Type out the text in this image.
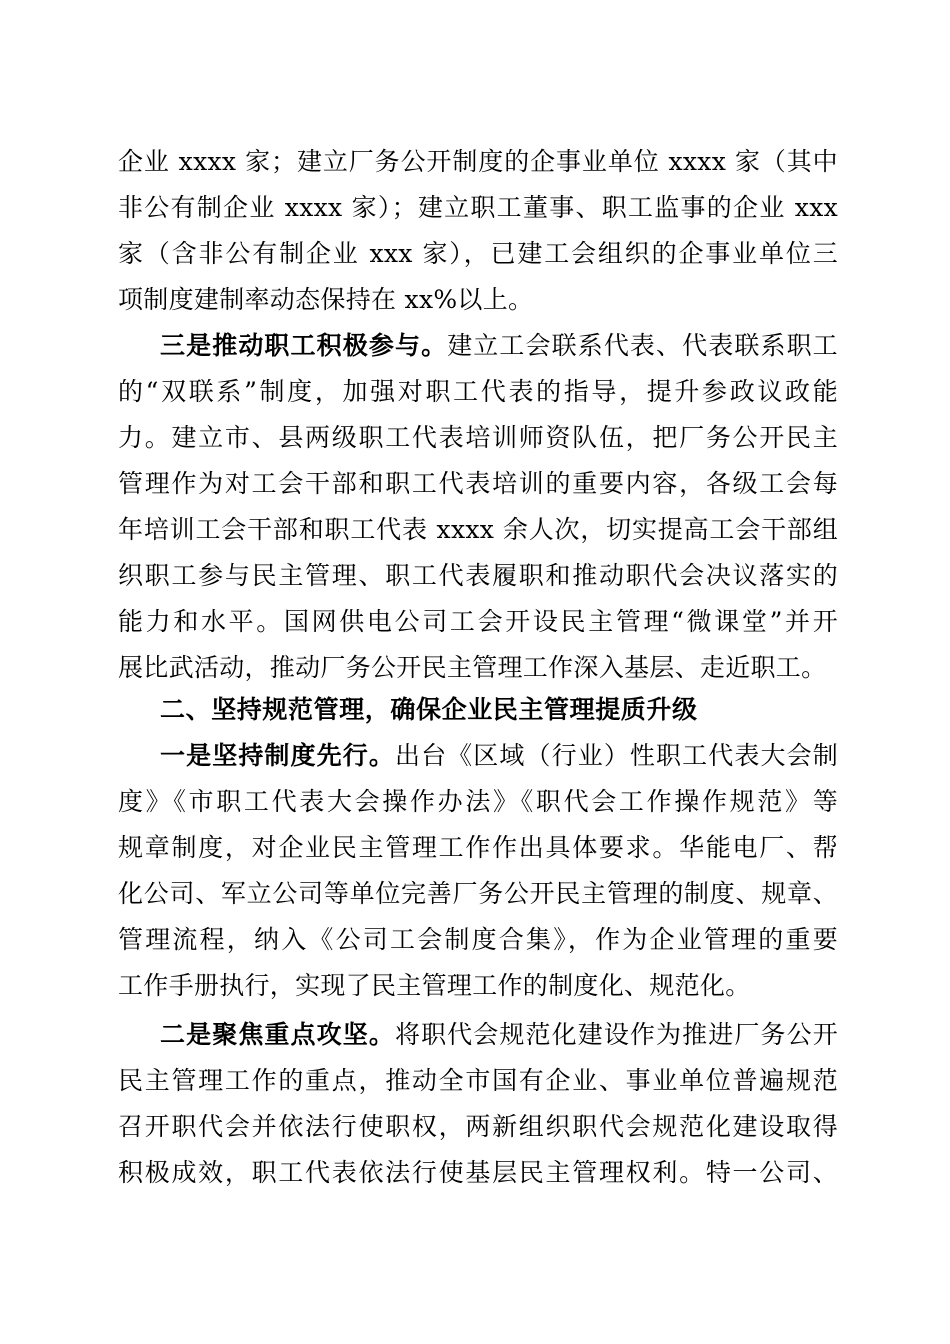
企业 xxxx 家；建立厂务公开制度的企事业单位 xxxx 家（其中
非公有制企业 xxxx 家）；建立职工董事、职工监事的企业 xxx
家（含非公有制企业 xxx 家），已建工会组织的企事业单位三
项制度建制率动态保持在 xx%以上。
三是推动职工积极参与。建立工会联系代表、代表联系职工
的“双联系”制度，加强对职工代表的指导，提升参政议政能
力。建立市、县两级职工代表培训师资队伍，把厂务公开民主
管理作为对工会干部和职工代表培训的重要内容，各级工会每
年培训工会干部和职工代表 xxxx 余人次，切实提高工会干部组
织职工参与民主管理、职工代表履职和推动职代会决议落实的
能力和水平。国网供电公司工会开设民主管理“微课堂”并开
展比武活动，推动厂务公开民主管理工作深入基层、走近职工。
二、坚持规范管理，确保企业民主管理提质升级
一是坚持制度先行。出台《区域（行业）性职工代表大会制
度》《市职工代表大会操作办法》《职代会工作操作规范》等
规章制度，对企业民主管理工作作出具体要求。华能电厂、帮
化公司、军立公司等单位完善厂务公开民主管理的制度、规章、
管理流程，纳入《公司工会制度合集》，作为企业管理的重要
工作手册执行，实现了民主管理工作的制度化、规范化。
二是聚焦重点攻坚。将职代会规范化建设作为推进厂务公开
民主管理工作的重点，推动全市国有企业、事业单位普遍规范
召开职代会并依法行使职权，两新组织职代会规范化建设取得
积极成效，职工代表依法行使基层民主管理权利。特一公司、
